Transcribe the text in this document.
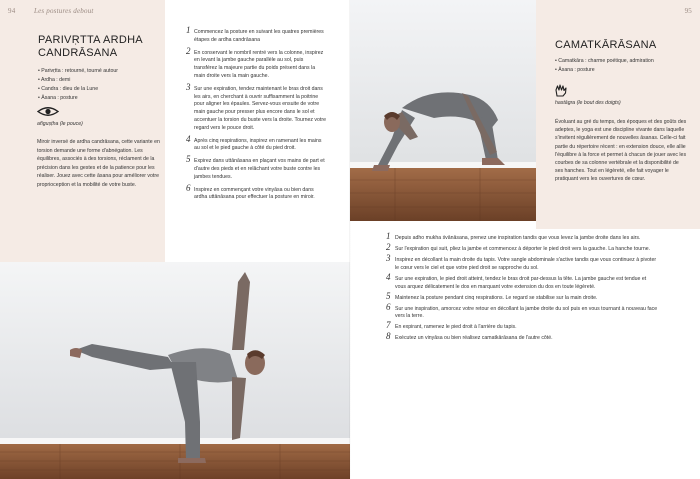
94	Les postures debout
PARIVṚTTA ARDHA CANDRĀSANA
• Parivṛtta : retourné, tourné autour
• Ardha : demi
• Candra : dieu de la Lune
• Āsana : posture
añguṣṭha (le pouce)

Miroir inversé de ardha candrāsana, cette variante en torsion demande une forme d'abnégation. Les équilibres, associés à des torsions, réclament de la précision dans les gestes et de la patience pour les réaliser. Jouez avec cette āsana pour améliorer votre proprioception et la mobilité de votre buste.

1 Commencez la posture en suivant les quatres premières étapes de ardha candrāsana
2 En conservant le nombril rentré vers la colonne, inspirez en levant la jambe gauche parallèle au sol, puis transférez la majeure partie du poids présent dans la main droite vers la main gauche.
3 Sur une expiration, tendez maintenant le bras droit dans les airs, en cherchant à ouvrir suffisamment la poitrine pour aligner les épaules. Servez-vous ensuite de votre main gauche pour presser plus encore dans le sol et accentuer la torsion du buste vers la droite. Tournez votre regard vers le pouce droit.
4 Après cinq respirations, inspirez en ramenant les mains au sol et le pied gauche à côté du pied droit.
5 Expirez dans uttānāsana en plaçant vos mains de part et d'autre des pieds et en relâchant votre buste contre les jambes tendues.
6 Inspirez en commençant votre vinyāsa ou bien dans ardha uttānāsana pour effectuer la posture en miroir.
95
CAMATKĀRĀSANA
• Camatkāra : charme poétique, admiration
• Āsana : posture
hastāgra (le bout des doigts)

Évoluant au gré du temps, des époques et des goûts des adeptes, le yoga est une discipline vivante dans laquelle s'invitent régulièrement de nouvelles āsanas. Celle-ci fait partie du répertoire récent : en extension douce, elle allie l'équilibre à la force et permet à chacun de jouer avec les courbes de sa colonne vertébrale et la disponibilité de ses hanches. Tout en légèreté, elle fait voyager le pratiquant vers les ouvertures de cœur.

1 Depuis adho mukha śvānāsana, prenez une inspiration tandis que vous levez la jambe droite dans les airs.
2 Sur l'expiration qui suit, pliez la jambe et commencez à déporter le pied droit vers la gauche. La hanche tourne.
3 Inspirez en décollant la main droite du tapis. Votre sangle abdominale s'active tandis que vous continuez à pivoter le cœur vers le ciel et que votre pied droit se rapproche du sol.
4 Sur une expiration, le pied droit atteint, tendez le bras droit par-dessus la tête. La jambe gauche est tendue et vous arquez délicatement le dos en marquant votre extension du dos en toute légèreté.
5 Maintenez la posture pendant cinq respirations. Le regard se stabilise sur la main droite.
6 Sur une inspiration, amorcez votre retour en décollant la jambe droite du sol puis en vous tournant à nouveau face vers la terre.
7 En expirant, ramenez le pied droit à l'arrière du tapis.
8 Exécutez un vinyāsa ou bien réalisez camatkārāsana de l'autre côté.
